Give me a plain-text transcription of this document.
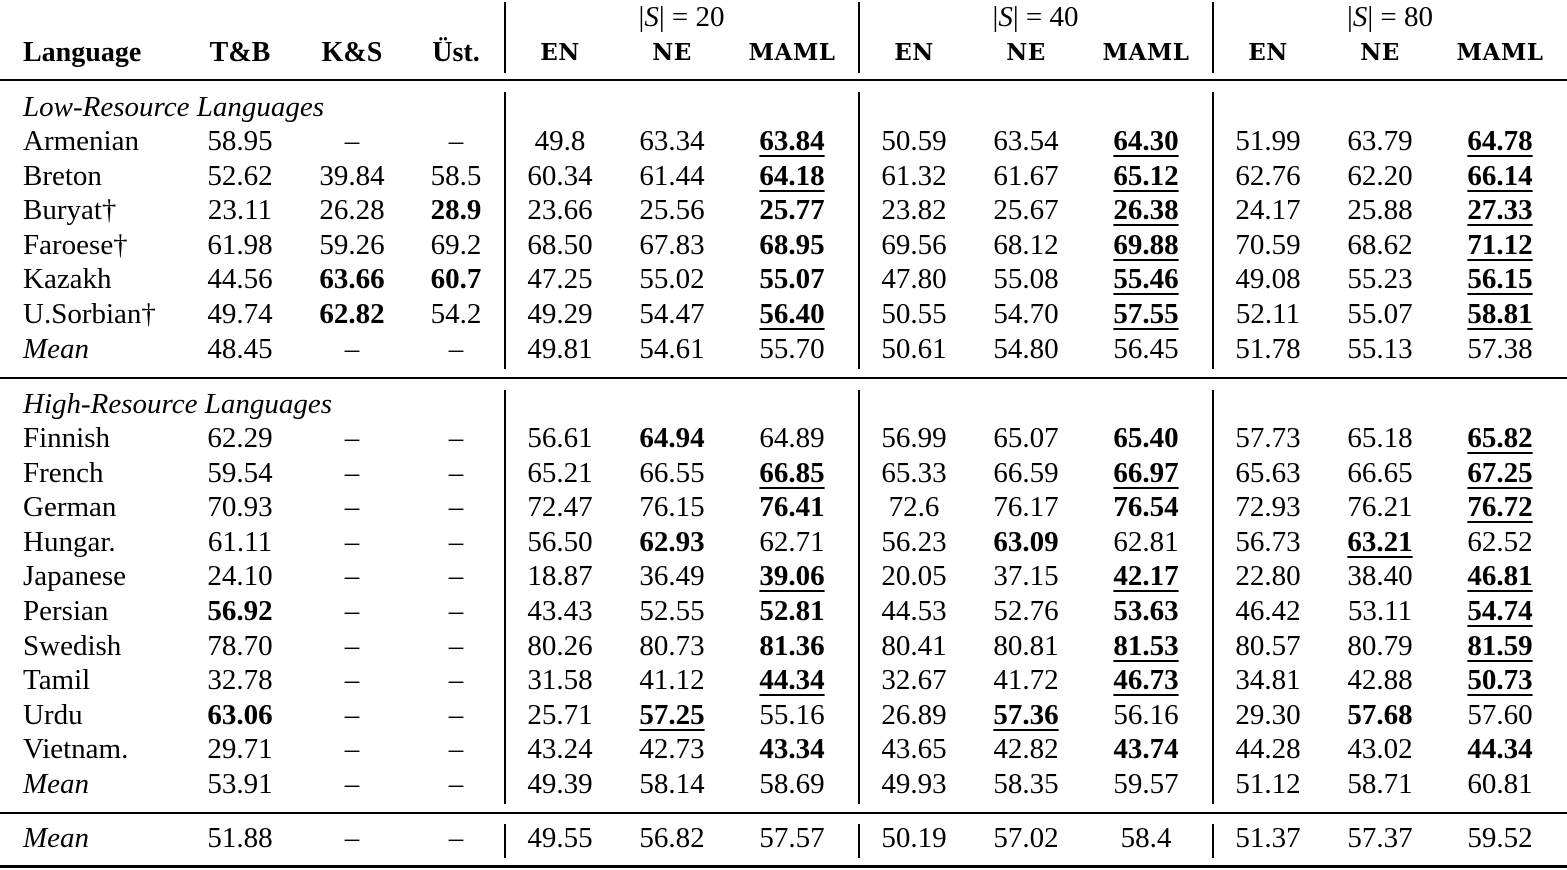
|S| = 20	|S| = 40	|S| = 80
Language	T&B	K&S	Üst.	EN	NE	MAML	EN	NE	MAML	EN	NE	MAML
Low-Resource Languages
Armenian 58.95	–	–	49.8	63.34	63.84	50.59 63.54	64.30	51.99 63.79	64.78
Breton	52.62 39.84	58.5	60.34 61.44	64.18	61.32 61.67	65.12	62.76 62.20	66.14
Buryat†	23.11 26.28	28.9	23.66 25.56	25.77	23.82 25.67	26.38	24.17 25.88	27.33
Faroese†	61.98 59.26	69.2	68.50 67.83	68.95	69.56 68.12	69.88	70.59 68.62	71.12
Kazakh	44.56 63.66	60.7	47.25 55.02	55.07	47.80 55.08	55.46	49.08 55.23	56.15
U.Sorbian† 49.74 62.82	54.2	49.29 54.47	56.40	50.55 54.70	57.55	52.11 55.07	58.81
Mean	48.45	–	–	49.81 54.61	55.70	50.61 54.80	56.45	51.78 55.13	57.38
High-Resource Languages
Finnish	62.29	–	–	56.61 64.94	64.89	56.99 65.07	65.40	57.73 65.18	65.82
French	59.54	–	–	65.21 66.55	66.85	65.33 66.59	66.97	65.63 66.65	67.25
German	70.93	–	–	72.47 76.15	76.41	72.6	76.17	76.54	72.93 76.21	76.72
Hungar.	61.11	–	–	56.50 62.93	62.71	56.23 63.09	62.81	56.73 63.21	62.52
Japanese	24.10	–	–	18.87 36.49	39.06	20.05 37.15	42.17	22.80 38.40	46.81
Persian	56.92	–	–	43.43 52.55	52.81	44.53 52.76	53.63	46.42 53.11	54.74
Swedish	78.70	–	–	80.26 80.73	81.36	80.41 80.81	81.53	80.57 80.79	81.59
Tamil	32.78	–	–	31.58 41.12	44.34	32.67 41.72	46.73	34.81 42.88	50.73
Urdu	63.06	–	–	25.71 57.25	55.16	26.89 57.36	56.16	29.30 57.68	57.60
Vietnam.	29.71	–	–	43.24 42.73	43.34	43.65 42.82	43.74	44.28 43.02	44.34
Mean	53.91	–	–	49.39 58.14	58.69	49.93 58.35	59.57	51.12 58.71	60.81
Mean	51.88	–	–	49.55 56.82	57.57	50.19 57.02	58.4	51.37 57.37	59.52
